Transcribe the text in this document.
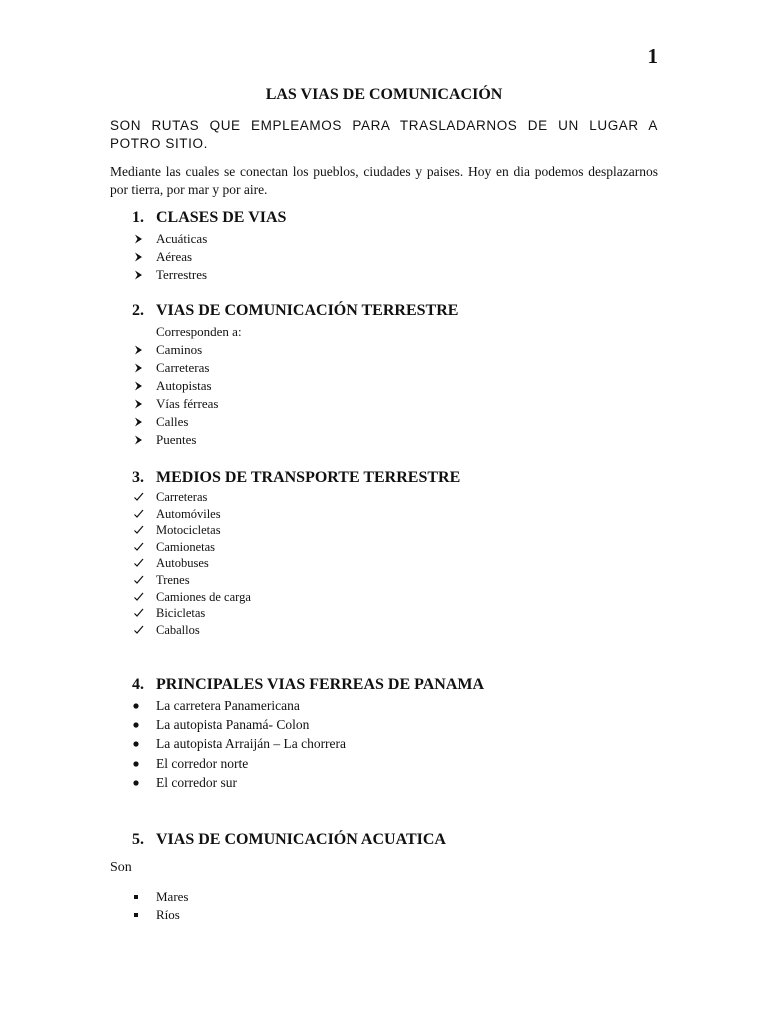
1
LAS VIAS DE COMUNICACIÓN
SON RUTAS QUE EMPLEAMOS PARA TRASLADARNOS DE UN LUGAR A POTRO SITIO.
Mediante las cuales se conectan los pueblos, ciudades y paises. Hoy en dia podemos desplazarnos por tierra, por mar y por aire.
1. CLASES DE VIAS
Acuáticas
Aéreas
Terrestres
2. VIAS DE COMUNICACIÓN TERRESTRE
Corresponden a:
Caminos
Carreteras
Autopistas
Vías férreas
Calles
Puentes
3. MEDIOS DE TRANSPORTE TERRESTRE
Carreteras
Automóviles
Motocicletas
Camionetas
Autobuses
Trenes
Camiones de carga
Bicicletas
Caballos
4. PRINCIPALES VIAS FERREAS DE PANAMA
La carretera Panamericana
La autopista Panamá- Colon
La autopista Arraiján – La chorrera
El corredor norte
El corredor sur
5. VIAS DE COMUNICACIÓN ACUATICA
Son
Mares
Ríos
